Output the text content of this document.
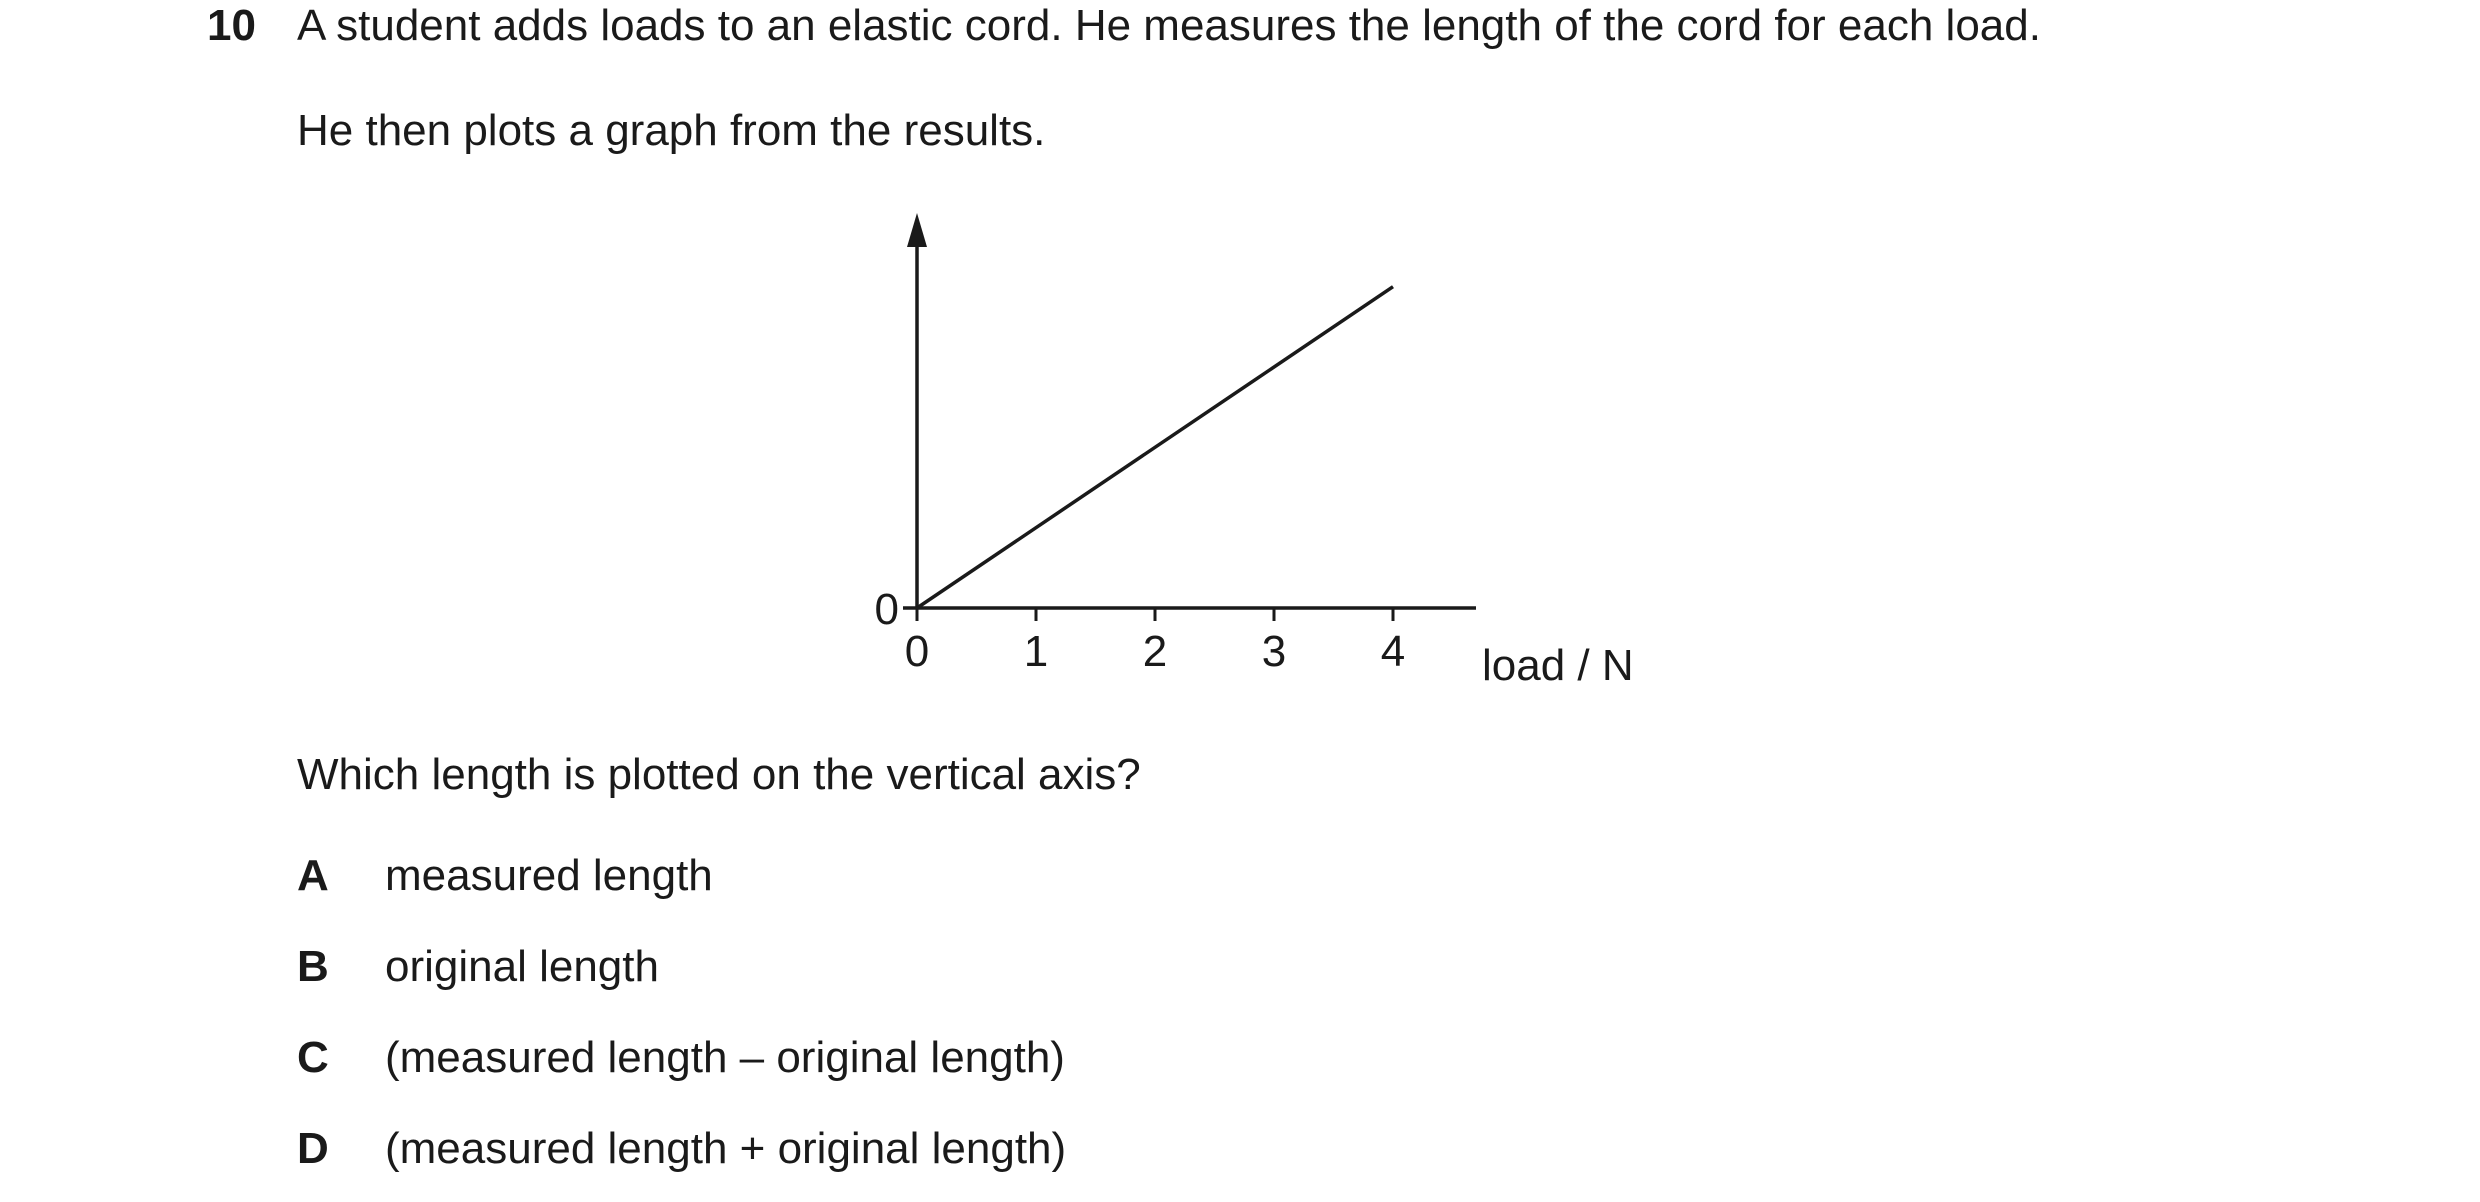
10 A student adds loads to an elastic cord. He measures the length of the cord for each load.
He then plots a graph from the results.
0 1 2 3 4
0
load / N
Which length is plotted on the vertical axis?
A measured length
B original length
C (measured length – original length)
D (measured length + original length)
